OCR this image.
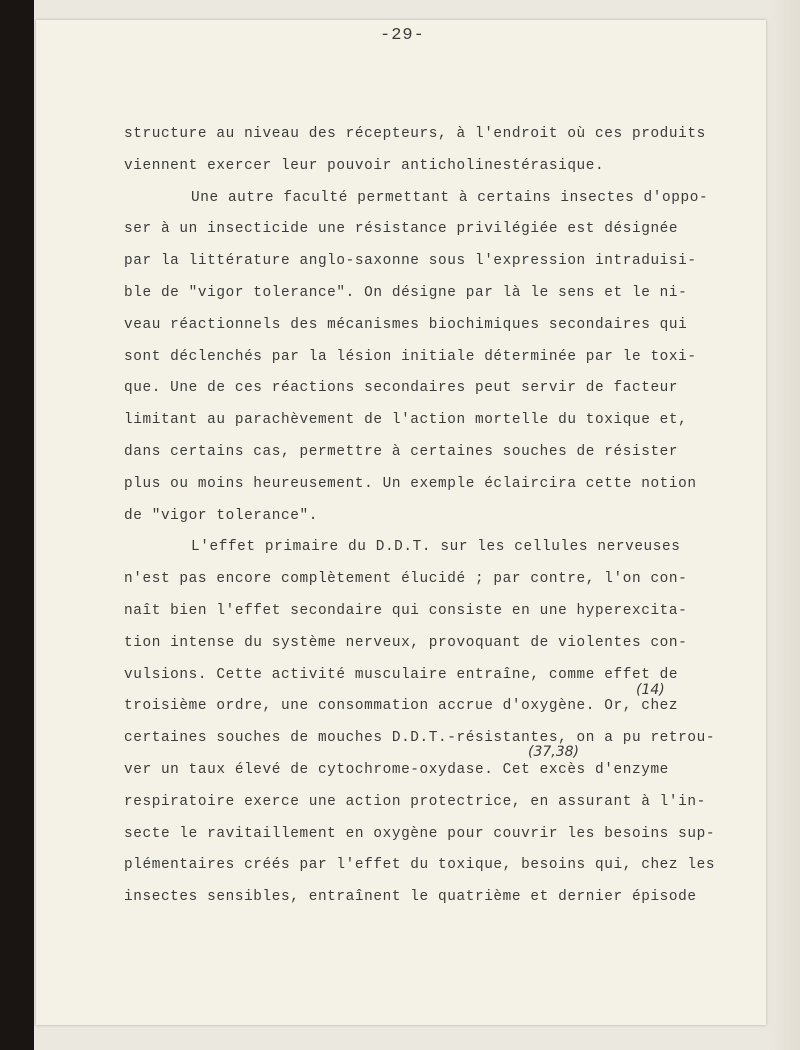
-29-
structure au niveau des récepteurs, à l'endroit où ces produits
viennent exercer leur pouvoir anticholinestérasique.
Une autre faculté permettant à certains insectes d'oppo-
ser à un insecticide une résistance privilégiée est désignée
par la littérature anglo-saxonne sous l'expression intraduisi-
ble de "vigor tolerance". On désigne par là le sens et le ni-
veau réactionnels des mécanismes biochimiques secondaires qui
sont déclenchés par la lésion initiale déterminée par le toxi-
que. Une de ces réactions secondaires peut servir de facteur
limitant au parachèvement de l'action mortelle du toxique et,
dans certains cas, permettre à certaines souches de résister
plus ou moins heureusement. Un exemple éclaircira cette notion
de "vigor tolerance".
L'effet primaire du D.D.T. sur les cellules nerveuses
n'est pas encore complètement élucidé ; par contre, l'on con-
naît bien l'effet secondaire qui consiste en une hyperexcita-
tion intense du système nerveux, provoquant de violentes con-
vulsions. Cette activité musculaire entraîne, comme effet de
troisième ordre, une consommation accrue d'oxygène. Or, chez
certaines souches de mouches D.D.T.-résistantes, on a pu retrou-
ver un taux élevé de cytochrome-oxydase. Cet excès d'enzyme
respiratoire exerce une action protectrice, en assurant à l'in-
secte le ravitaillement en oxygène pour couvrir les besoins sup-
plémentaires créés par l'effet du toxique, besoins qui, chez les
insectes sensibles, entraînent le quatrième et dernier épisode
(14)
(37,38)
